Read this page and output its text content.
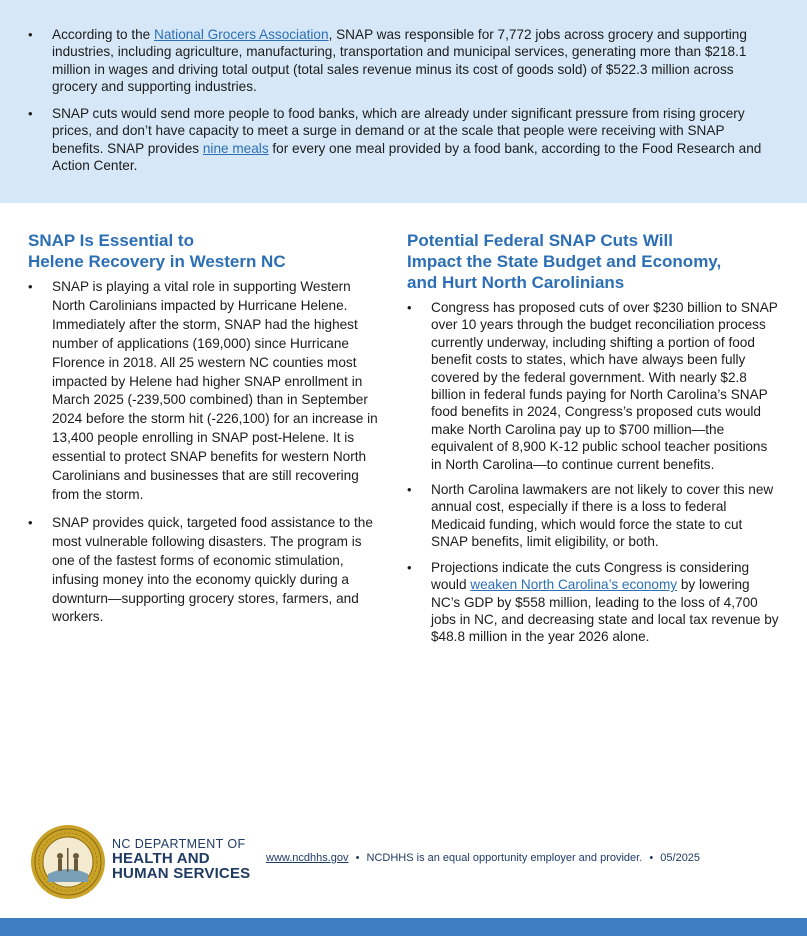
• According to the National Grocers Association, SNAP was responsible for 7,772 jobs across grocery and supporting industries, including agriculture, manufacturing, transportation and municipal services, generating more than $218.1 million in wages and driving total output (total sales revenue minus its cost of goods sold) of $522.3 million across grocery and supporting industries.
• SNAP cuts would send more people to food banks, which are already under significant pressure from rising grocery prices, and don’t have capacity to meet a surge in demand or at the scale that people were receiving with SNAP benefits. SNAP provides nine meals for every one meal provided by a food bank, according to the Food Research and Action Center.
SNAP Is Essential to
Helene Recovery in Western NC
• SNAP is playing a vital role in supporting Western North Carolinians impacted by Hurricane Helene. Immediately after the storm, SNAP had the highest number of applications (169,000) since Hurricane Florence in 2018. All 25 western NC counties most impacted by Helene had higher SNAP enrollment in March 2025 (-239,500 combined) than in September 2024 before the storm hit (-226,100) for an increase in 13,400 people enrolling in SNAP post-Helene. It is essential to protect SNAP benefits for western North Carolinians and businesses that are still recovering from the storm.
• SNAP provides quick, targeted food assistance to the most vulnerable following disasters. The program is one of the fastest forms of economic stimulation, infusing money into the economy quickly during a downturn—supporting grocery stores, farmers, and workers.
Potential Federal SNAP Cuts Will
Impact the State Budget and Economy,
and Hurt North Carolinians
• Congress has proposed cuts of over $230 billion to SNAP over 10 years through the budget reconciliation process currently underway, including shifting a portion of food benefit costs to states, which have always been fully covered by the federal government. With nearly $2.8 billion in federal funds paying for North Carolina’s SNAP food benefits in 2024, Congress’s proposed cuts would make North Carolina pay up to $700 million—the equivalent of 8,900 K-12 public school teacher positions in North Carolina—to continue current benefits.
• North Carolina lawmakers are not likely to cover this new annual cost, especially if there is a loss to federal Medicaid funding, which would force the state to cut SNAP benefits, limit eligibility, or both.
• Projections indicate the cuts Congress is considering would weaken North Carolina’s economy by lowering NC’s GDP by $558 million, leading to the loss of 4,700 jobs in NC, and decreasing state and local tax revenue by $48.8 million in the year 2026 alone.
NC DEPARTMENT OF
HEALTH AND
HUMAN SERVICES
www.ncdhhs.gov • NCDHHS is an equal opportunity employer and provider. • 05/2025
